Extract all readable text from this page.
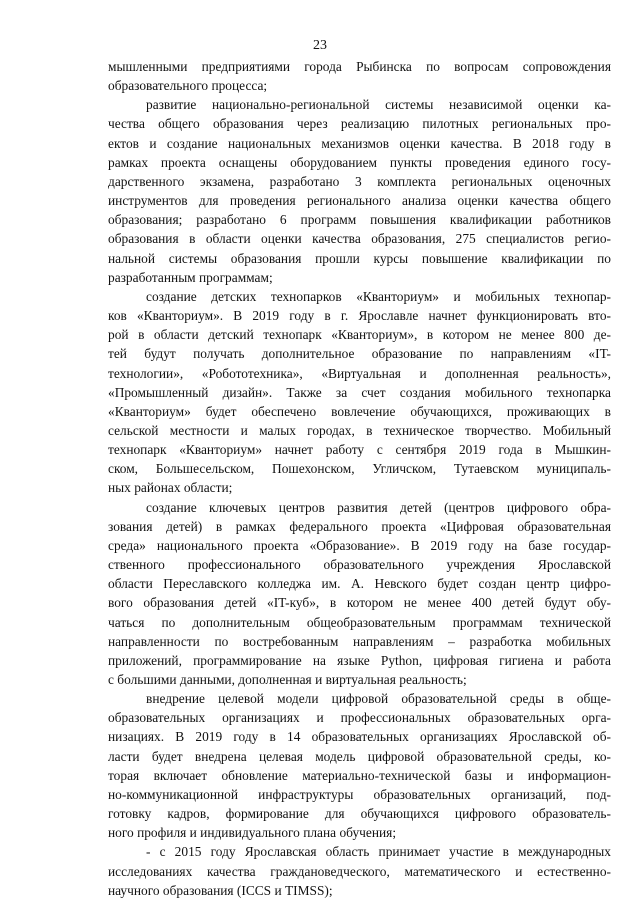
23
мышленными предприятиями города Рыбинска по вопросам сопровождения
образовательного процесса;
развитие национально-региональной системы независимой оценки ка-
чества общего образования через реализацию пилотных региональных про-
ектов и создание национальных механизмов оценки качества. В 2018 году в
рамках проекта оснащены оборудованием пункты проведения единого госу-
дарственного экзамена, разработано 3 комплекта региональных оценочных
инструментов для проведения регионального анализа оценки качества общего
образования; разработано 6 программ повышения квалификации работников
образования в области оценки качества образования, 275 специалистов регио-
нальной системы образования прошли курсы повышение квалификации по
разработанным программам;
создание детских технопарков «Кванториум» и мобильных технопар-
ков «Кванториум». В 2019 году в г. Ярославле начнет функционировать вто-
рой в области детский технопарк «Кванториум», в котором не менее 800 де-
тей будут получать дополнительное образование по направлениям «IT-
технологии», «Робототехника», «Виртуальная и дополненная реальность»,
«Промышленный дизайн». Также за счет создания мобильного технопарка
«Кванториум» будет обеспечено вовлечение обучающихся, проживающих в
сельской местности и малых городах, в техническое творчество. Мобильный
технопарк «Кванториум» начнет работу с сентября 2019 года в Мышкин-
ском, Большесельском, Пошехонском, Угличском, Тутаевском муниципаль-
ных районах области;
создание ключевых центров развития детей (центров цифрового обра-
зования детей) в рамках федерального проекта «Цифровая образовательная
среда» национального проекта «Образование». В 2019 году на базе государ-
ственного профессионального образовательного учреждения Ярославской
области Переславского колледжа им. А. Невского будет создан центр цифро-
вого образования детей «IT-куб», в котором не менее 400 детей будут обу-
чаться по дополнительным общеобразовательным программам технической
направленности по востребованным направлениям – разработка мобильных
приложений, программирование на языке Python, цифровая гигиена и работа
с большими данными, дополненная и виртуальная реальность;
внедрение целевой модели цифровой образовательной среды в обще-
образовательных организациях и профессиональных образовательных орга-
низациях. В 2019 году в 14 образовательных организациях Ярославской об-
ласти будет внедрена целевая модель цифровой образовательной среды, ко-
торая включает обновление материально-технической базы и информацион-
но-коммуникационной инфраструктуры образовательных организаций, под-
готовку кадров, формирование для обучающихся цифрового образователь-
ного профиля и индивидуального плана обучения;
- с 2015 году Ярославская область принимает участие в международных
исследованиях качества граждановедческого, математического и естественно-
научного образования (ICCS и TIMSS);
